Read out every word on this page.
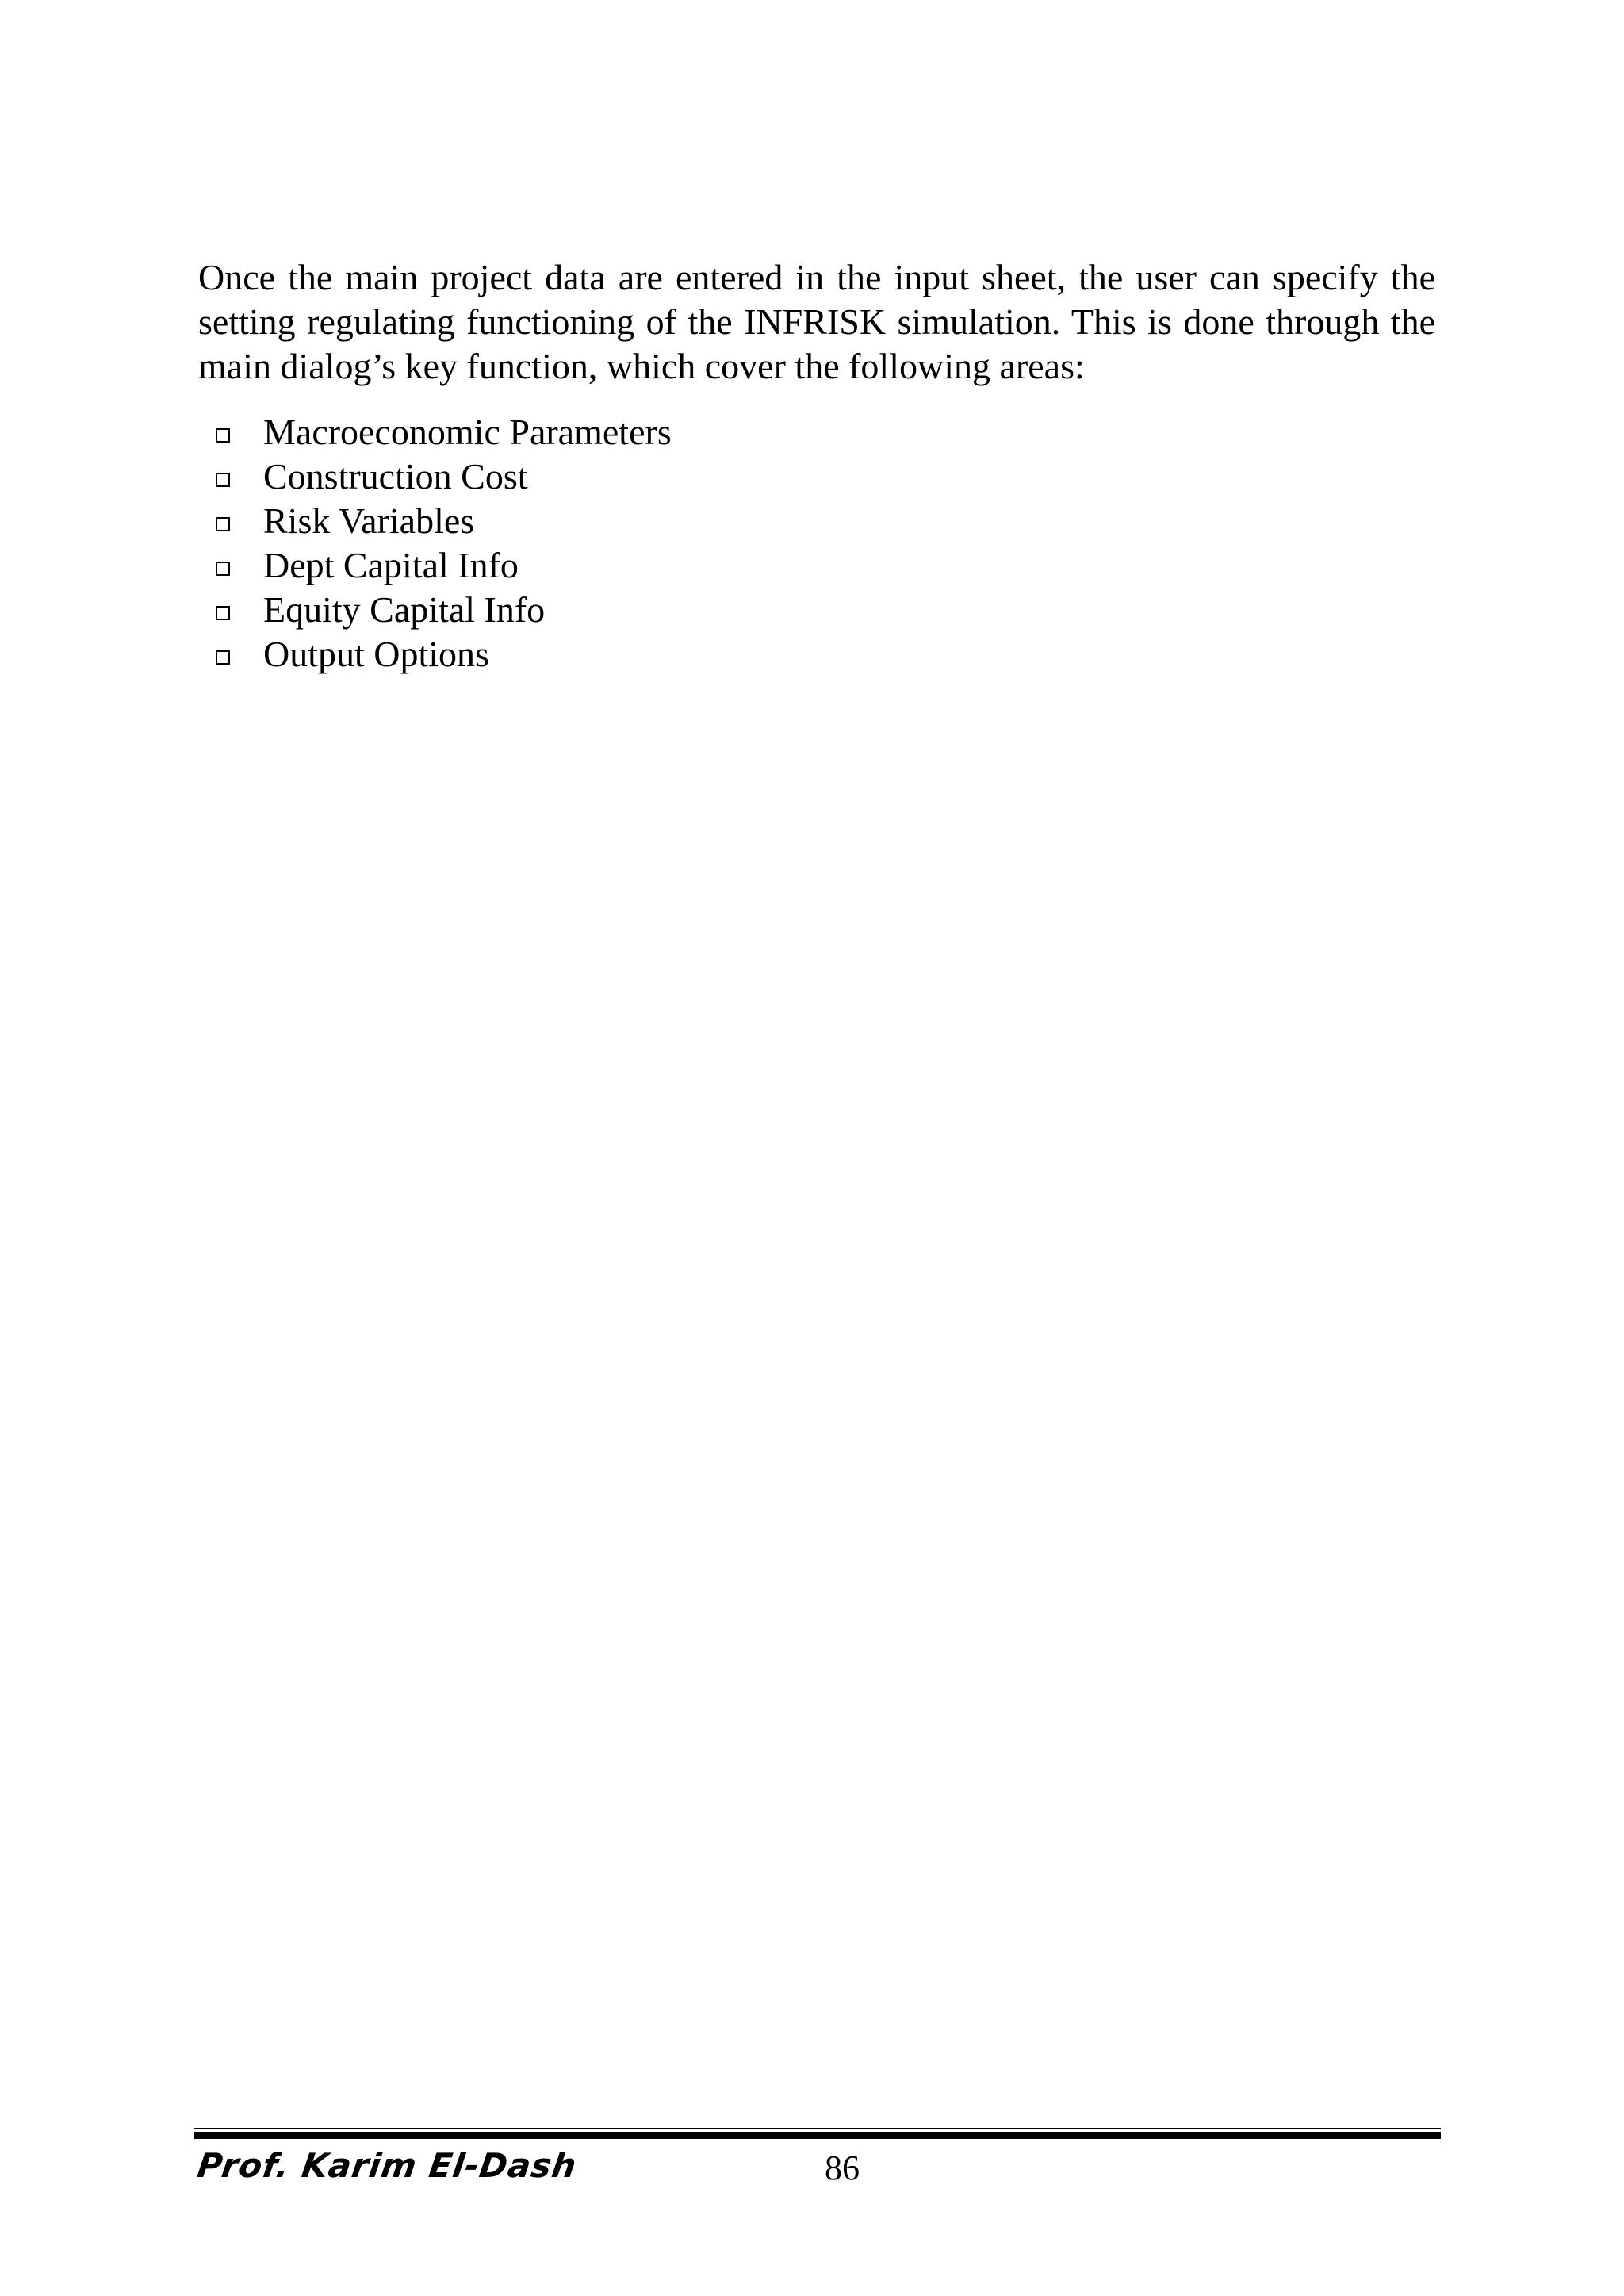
Once the main project data are entered in the input sheet, the user can specify the setting regulating functioning of the INFRISK simulation. This is done through the main dialog’s key function, which cover the following areas:

Macroeconomic Parameters
Construction Cost
Risk Variables
Dept Capital Info
Equity Capital Info
Output Options
Prof. Karim El-Dash	86
